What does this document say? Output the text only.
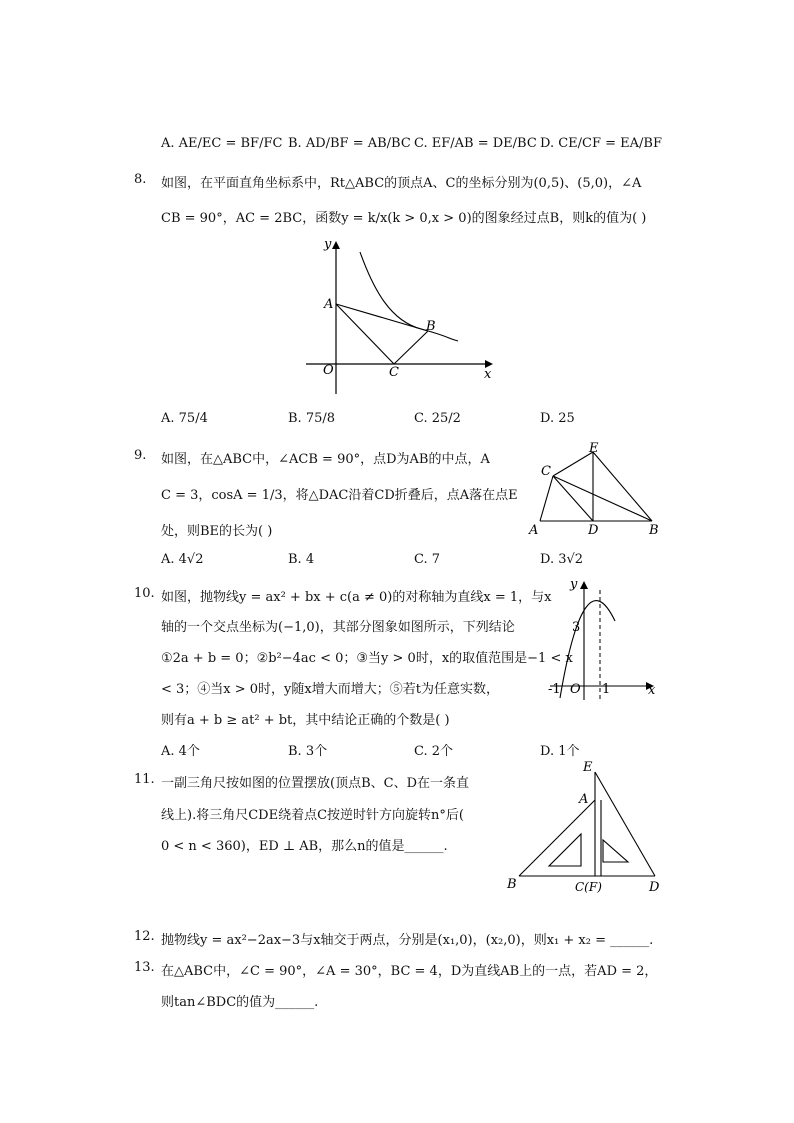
A. AE/EC = BF/FC B. AD/BF = AB/BC C. EF/AB = DE/BC D. CE/CF = EA/BF
8. 如图，在平面直角坐标系中，Rt△ABC的顶点A、C的坐标分别为(0,5)、(5,0)，∠A
CB = 90°，AC = 2BC，函数y = k/x(k > 0,x > 0)的图象经过点B，则k的值为( )
y
A
B
O	C	x
A. 75/4	B. 75/8	C. 25/2	D. 25
9. 如图，在△ABC中，∠ACB = 90°，点D为AB的中点，A
C = 3，cosA = 1/3，将△DAC沿着CD折叠后，点A落在点E
处，则BE的长为( )
E
C
A	D	B
A. 4√2	B. 4	C. 7	D. 3√2
10. 如图，抛物线y = ax² + bx + c(a ≠ 0)的对称轴为直线x = 1，与x
轴的一个交点坐标为(−1,0)，其部分图象如图所示，下列结论
①2a + b = 0；②b²−4ac < 0；③当y > 0时，x的取值范围是−1 < x
< 3；④当x > 0时，y随x增大而增大；⑤若t为任意实数，
则有a + b ≥ at² + bt，其中结论正确的个数是( )
y
3
-1 O 1	x
A. 4个	B. 3个	C. 2个	D. 1个
11. 一副三角尺按如图的位置摆放(顶点B、C、D在一条直
线上).将三角尺CDE绕着点C按逆时针方向旋转n°后(
0 < n < 360)，ED ⊥ AB，那么n的值是______.
E
A
B	C(F)	D
12. 抛物线y = ax²−2ax−3与x轴交于两点，分别是(x₁,0)，(x₂,0)，则x₁ + x₂ = ______.
13. 在△ABC中，∠C = 90°，∠A = 30°，BC = 4，D为直线AB上的一点，若AD = 2，
则tan∠BDC的值为______.
